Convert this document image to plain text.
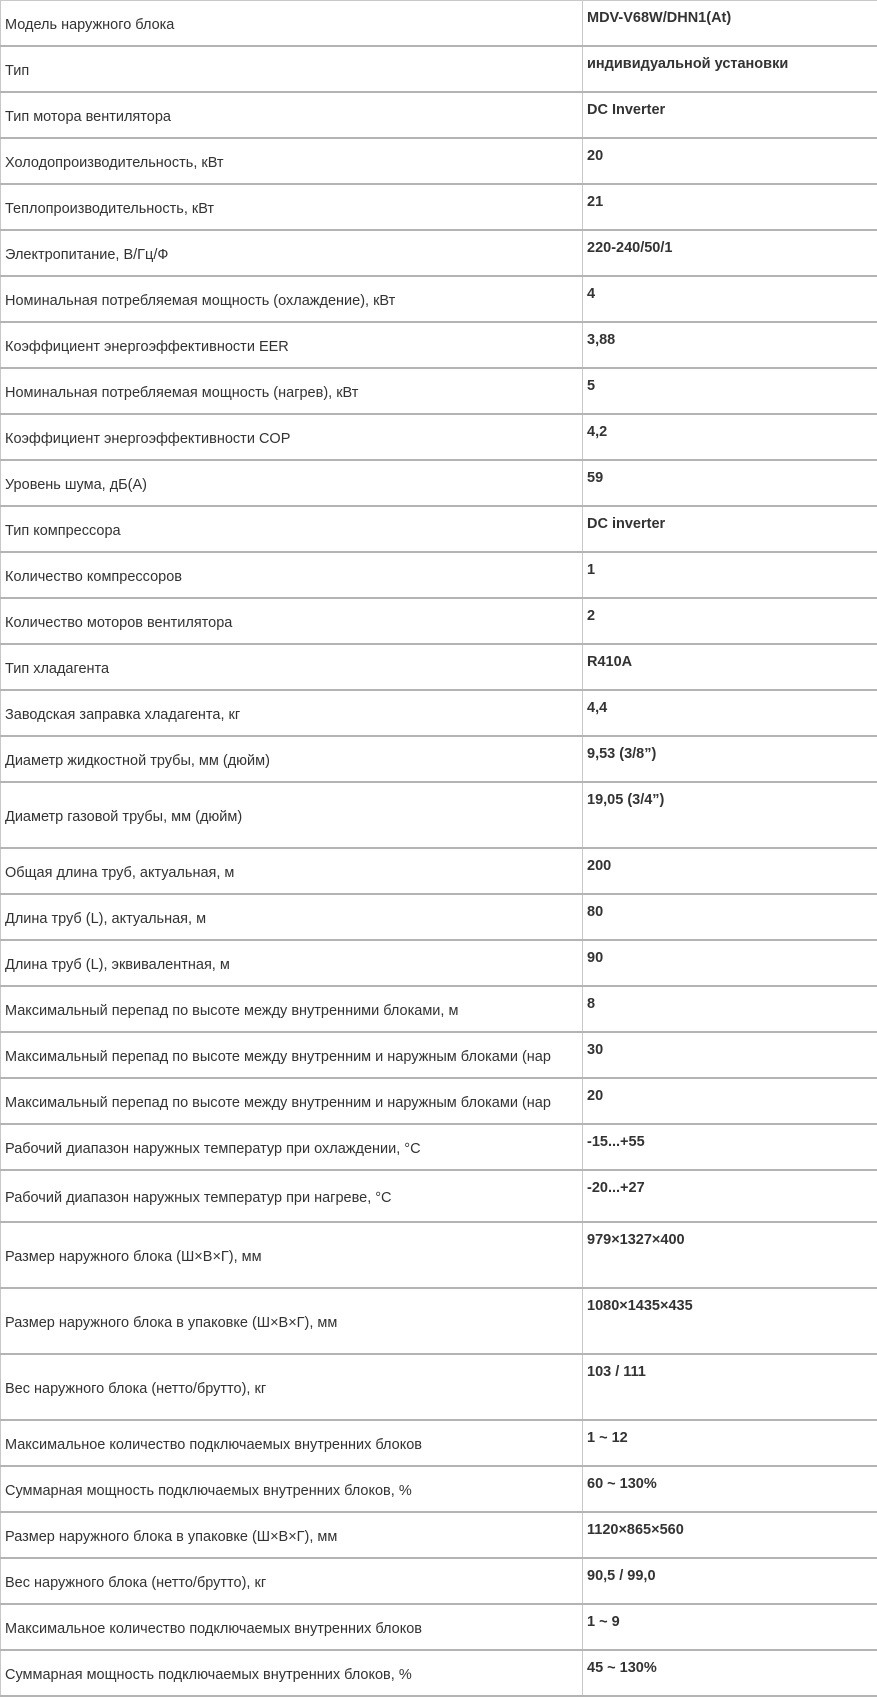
Модель наружного блока	MDV-V68W/DHN1(At)
Тип	индивидуальной установки
Тип мотора вентилятора	DC Inverter
Холодопроизводительность, кВт	20
Теплопроизводительность, кВт	21
Электропитание, В/Гц/Ф	220-240/50/1
Номинальная потребляемая мощность (охлаждение), кВт	4
Коэффициент энергоэффективности EER	3,88
Номинальная потребляемая мощность (нагрев), кВт	5
Коэффициент энергоэффективности COP	4,2
Уровень шума, дБ(А)	59
Тип компрессора	DC inverter
Количество компрессоров	1
Количество моторов вентилятора	2
Тип хладагента	R410A
Заводская заправка хладагента, кг	4,4
Диаметр жидкостной трубы, мм (дюйм)	9,53 (3/8”)
Диаметр газовой трубы, мм (дюйм)	19,05 (3/4”)
Общая длина труб, актуальная, м	200
Длина труб (L), актуальная, м	80
Длина труб (L), эквивалентная, м	90
Максимальный перепад по высоте между внутренними блоками, м	8
Максимальный перепад по высоте между внутренним и наружным блоками (нар	30
Максимальный перепад по высоте между внутренним и наружным блоками (нар	20
Рабочий диапазон наружных температур при охлаждении, °С	-15...+55
Рабочий диапазон наружных температур при нагреве, °С	-20...+27
Размер наружного блока (Ш×В×Г), мм	979×1327×400
Размер наружного блока в упаковке (Ш×В×Г), мм	1080×1435×435
Вес наружного блока (нетто/брутто), кг	103 / 111
Максимальное количество подключаемых внутренних блоков	1 ~ 12
Суммарная мощность подключаемых внутренних блоков, %	60 ~ 130%
Размер наружного блока в упаковке (Ш×В×Г), мм	1120×865×560
Вес наружного блока (нетто/брутто), кг	90,5 / 99,0
Максимальное количество подключаемых внутренних блоков	1 ~ 9
Суммарная мощность подключаемых внутренних блоков, %	45 ~ 130%
